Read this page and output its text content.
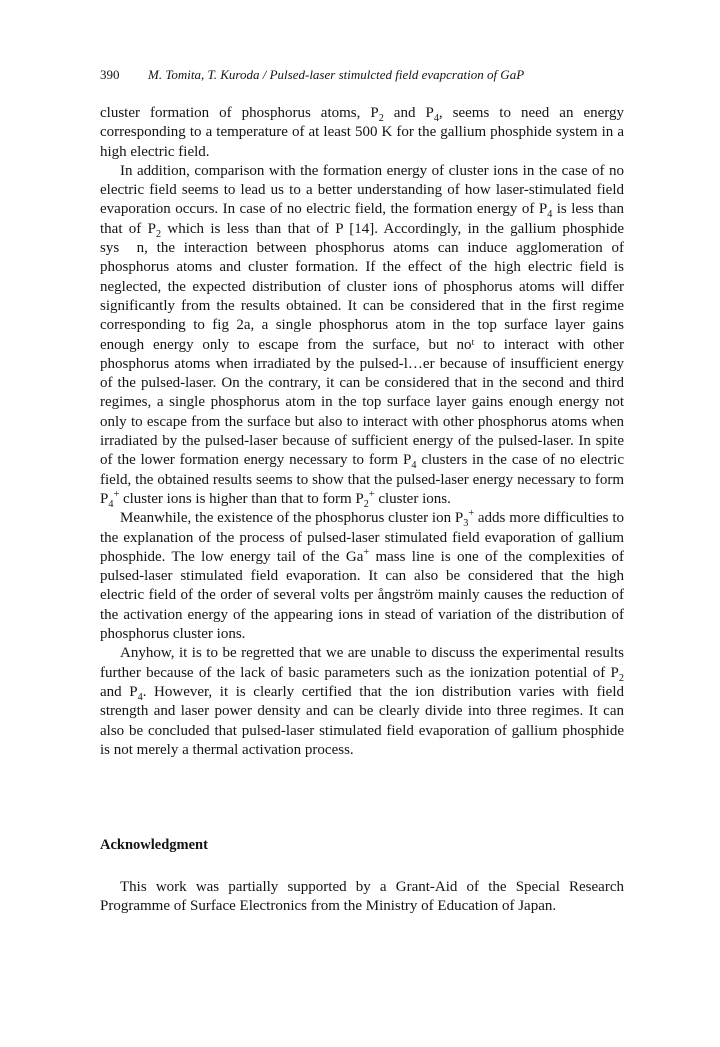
390 M. Tomita, T. Kuroda / Pulsed-laser stimulcted field evapcration of GaP

cluster formation of phosphorus atoms, $P_2$ and $P_4$, seems to need an energy corresponding to a temperature of at least 500 K for the gallium phosphide system in a high electric field.

In addition, comparison with the formation energy of cluster ions in the case of no electric field seems to lead us to a better understanding of how laser-stimulated field evaporation occurs. In case of no electric field, the formation energy of $P_4$ is less than that of $P_2$ which is less than that of P [14]. Accordingly, in the gallium phosphide sys  n, the interaction between phosphorus atoms can induce agglomeration of phosphorus atoms and cluster formation. If the effect of the high electric field is neglected, the expected distribution of cluster ions of phosphorus atoms will differ significantly from the results obtained. It can be considered that in the first regime corresponding to fig 2a, a single phosphorus atom in the top surface layer gains enough energy only to escape from the surface, but noᵗ to interact with other phosphorus atoms when irradiated by the pulsed-l…er because of insufficient energy of the pulsed-laser. On the contrary, it can be considered that in the second and third regimes, a single phosphorus atom in the top surface layer gains enough energy not only to escape from the surface but also to interact with other phosphorus atoms when irradiated by the pulsed-laser because of sufficient energy of the pulsed-laser. In spite of the lower formation energy necessary to form $P_4$ clusters in the case of no electric field, the obtained results seems to show that the pulsed-laser energy necessary to form $P_4^+$ cluster ions is higher than that to form $P_2^+$ cluster ions.

Meanwhile, the existence of the phosphorus cluster ion $P_3^+$ adds more difficulties to the explanation of the process of pulsed-laser stimulated field evaporation of gallium phosphide. The low energy tail of the Ga+ mass line is one of the complexities of pulsed-laser stimulated field evaporation. It can also be considered that the high electric field of the order of several volts per ångström mainly causes the reduction of the activation energy of the appearing ions in stead of variation of the distribution of phosphorus cluster ions.

Anyhow, it is to be regretted that we are unable to discuss the experimental results further because of the lack of basic parameters such as the ionization potential of $P_2$ and $P_4$. However, it is clearly certified that the ion distribution varies with field strength and laser power density and can be clearly divide into three regimes. It can also be concluded that pulsed-laser stimulated field evaporation of gallium phosphide is not merely a thermal activation process.

Acknowledgment

This work was partially supported by a Grant-Aid of the Special Research Programme of Surface Electronics from the Ministry of Education of Japan.
